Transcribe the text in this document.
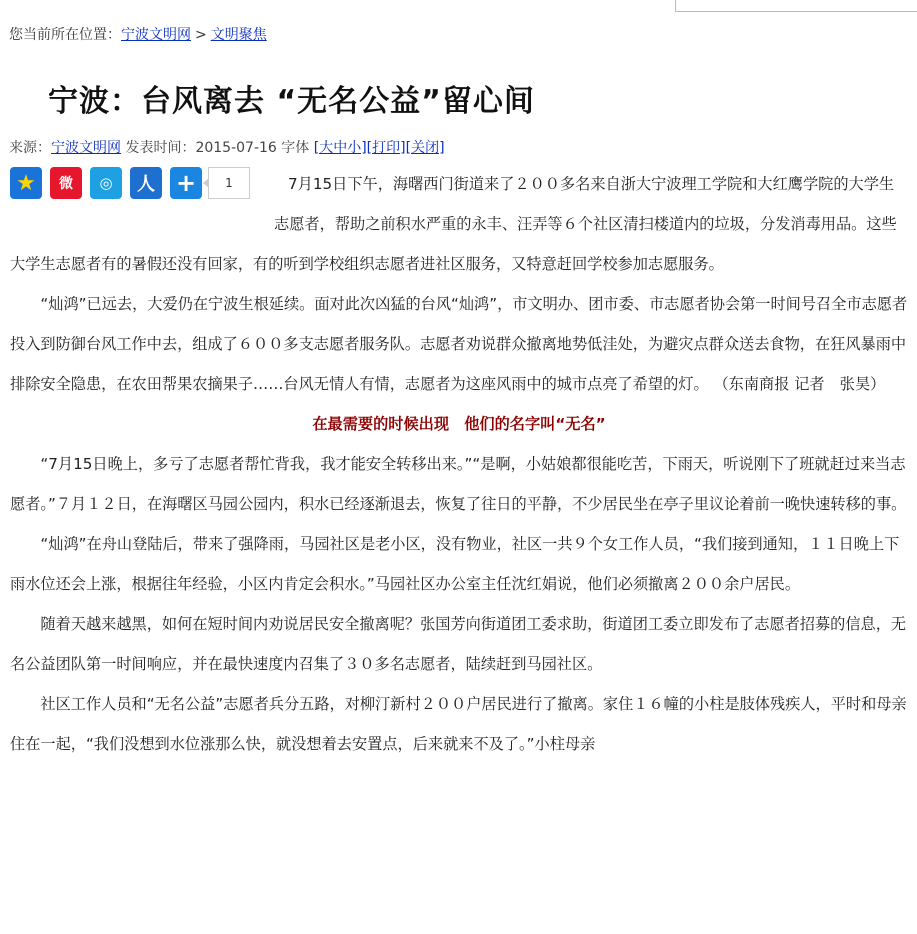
您当前所在位置：宁波文明网 > 文明聚焦
宁波：台风离去 “无名公益”留心间
来源：宁波文明网 发表时间：2015-07-16 字体 [大中小][打印][关闭]
★	微	◎	人 +	1	7月15日下午，海曙西门街道来了２００多名来自浙大宁波理工学院和大红鹰学院的大学生志愿者，帮助之前积水严重的永丰、汪弄等６个社区清扫楼道内的垃圾，分发消毒用品。这些大学生志愿者有的暑假还没有回家，有的听到学校组织志愿者进社区服务，又特意赶回学校参加志愿服务。

“灿鸿”已远去，大爱仍在宁波生根延续。面对此次凶猛的台风“灿鸿”，市文明办、团市委、市志愿者协会第一时间号召全市志愿者投入到防御台风工作中去，组成了６００多支志愿者服务队。志愿者劝说群众撤离地势低洼处，为避灾点群众送去食物，在狂风暴雨中排除安全隐患，在农田帮果农摘果子……台风无情人有情，志愿者为这座风雨中的城市点亮了希望的灯。 （东南商报 记者　张昊）

在最需要的时候出现　他们的名字叫“无名”

“7月15日晚上，多亏了志愿者帮忙背我，我才能安全转移出来。”“是啊，小姑娘都很能吃苦，下雨天，听说刚下了班就赶过来当志愿者。”７月１２日，在海曙区马园公园内，积水已经逐渐退去，恢复了往日的平静，不少居民坐在亭子里议论着前一晚快速转移的事。

“灿鸿”在舟山登陆后，带来了强降雨，马园社区是老小区，没有物业，社区一共９个女工作人员，“我们接到通知，１１日晚上下雨水位还会上涨，根据往年经验，小区内肯定会积水。”马园社区办公室主任沈红娟说，他们必须撤离２００余户居民。

随着天越来越黑，如何在短时间内劝说居民安全撤离呢？张国芳向街道团工委求助，街道团工委立即发布了志愿者招募的信息，无名公益团队第一时间响应，并在最快速度内召集了３０多名志愿者，陆续赶到马园社区。

社区工作人员和“无名公益”志愿者兵分五路，对柳汀新村２００户居民进行了撤离。家住１６幢的小柱是肢体残疾人，平时和母亲住在一起，“我们没想到水位涨那么快，就没想着去安置点，后来就来不及了。”小柱母亲
